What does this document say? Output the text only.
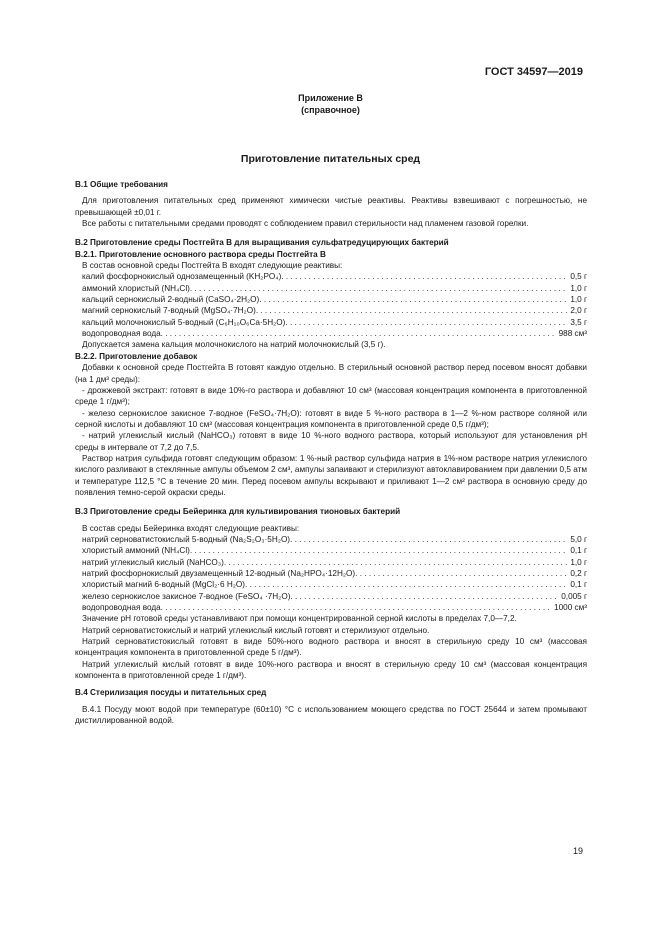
ГОСТ 34597—2019
Приложение В
(справочное)
Приготовление питательных сред

В.1 Общие требования

Для приготовления питательных сред применяют химически чистые реактивы. Реактивы взвешивают с погрешностью, не превышающей ±0,01 г.

Все работы с питательными средами проводят с соблюдением правил стерильности над пламенем газовой горелки.

В.2 Приготовление среды Постгейта В для выращивания сульфатредуцирующих бактерий

В.2.1. Приготовление основного раствора среды Постгейта В

В состав основной среды Постгейта В входят следующие реактивы:

калий фосфорнокислый однозамещенный (KH₂PO₄) . . .	0,5 г
аммоний хлористый (NH₄Cl) . . .	1,0 г
кальций сернокислый 2-водный (CaSO₄·2H₂O) . . .	1,0 г
магний сернокислый 7-водный (MgSO₄·7H₂O) . . .	2,0 г
кальций молочнокислый 5-водный (C₆H₁₀O₆Ca·5H₂O) . . .	3,5 г
водопроводная вода . . .	988 см³

Допускается замена кальция молочнокислого на натрий молочнокислый (3,5 г).

В.2.2. Приготовление добавок

Добавки к основной среде Постгейта В готовят каждую отдельно. В стерильный основной раствор перед посевом вносят добавки (на 1 дм³ среды):

- дрожжевой экстракт: готовят в виде 10%-го раствора и добавляют 10 см³ (массовая концентрация компонента в приготовленной среде 1 г/дм³);

- железо сернокислое закисное 7-водное (FeSO₄·7H₂O): готовят в виде 5 %-ного раствора в 1—2 %-ном растворе соляной или серной кислоты и добавляют 10 см³ (массовая концентрация компонента в приготовленной среде 0,5 г/дм³);

- натрий углекислый кислый (NaHCO₃) готовят в виде 10 %-ного водного раствора, который используют для установления pH среды в интервале от 7,2 до 7,5.

Раствор натрия сульфида готовят следующим образом: 1 %-ный раствор сульфида натрия в 1%-ном растворе натрия углекислого кислого разливают в стеклянные ампулы объемом 2 см³, ампулы запаивают и стерилизуют автоклавированием при давлении 0,5 атм и температуре 112,5 °С в течение 20 мин. Перед посевом ампулы вскрывают и приливают 1—2 см² раствора в основную среду до появления темно-серой окраски среды.

В.3 Приготовление среды Бейеринка для культивирования тионовых бактерий

В состав среды Бейеринка входят следующие реактивы:

натрий серноватистокислый 5-водный (Na₂S₂O₃·5H₂O) . . .	5,0 г
хлористый аммоний (NH₄Cl) . . .	0,1 г
натрий углекислый кислый (NaHCO₃) . . .	1,0 г
натрий фосфорнокислый двузамещенный 12-водный (Na₂HPO₄·12H₂O) . . .	0,2 г
хлористый магний 6-водный (MgCl₂·6 H₂O) . . .	0,1 г
железо сернокислое закисное 7-водное (FeSO₄ ·7H₂O) . . .	0,005 г
водопроводная вода . . .	1000 см³

Значение pH готовой среды устанавливают при помощи концентрированной серной кислоты в пределах 7,0—7,2.

Натрий серноватистокислый и натрий углекислый кислый готовят и стерилизуют отдельно.

Натрий серноватистокислый готовят в виде 50%-ного водного раствора и вносят в стерильную среду 10 см³ (массовая концентрация компонента в приготовленной среде 5 г/дм³).

Натрий углекислый кислый готовят в виде 10%-ного раствора и вносят в стерильную среду 10 см³ (массовая концентрация компонента в приготовленной среде 1 г/дм³).

В.4 Стерилизация посуды и питательных сред

В.4.1 Посуду моют водой при температуре (60±10) °С с использованием моющего средства по ГОСТ 25644 и затем промывают дистиллированной водой.

19
